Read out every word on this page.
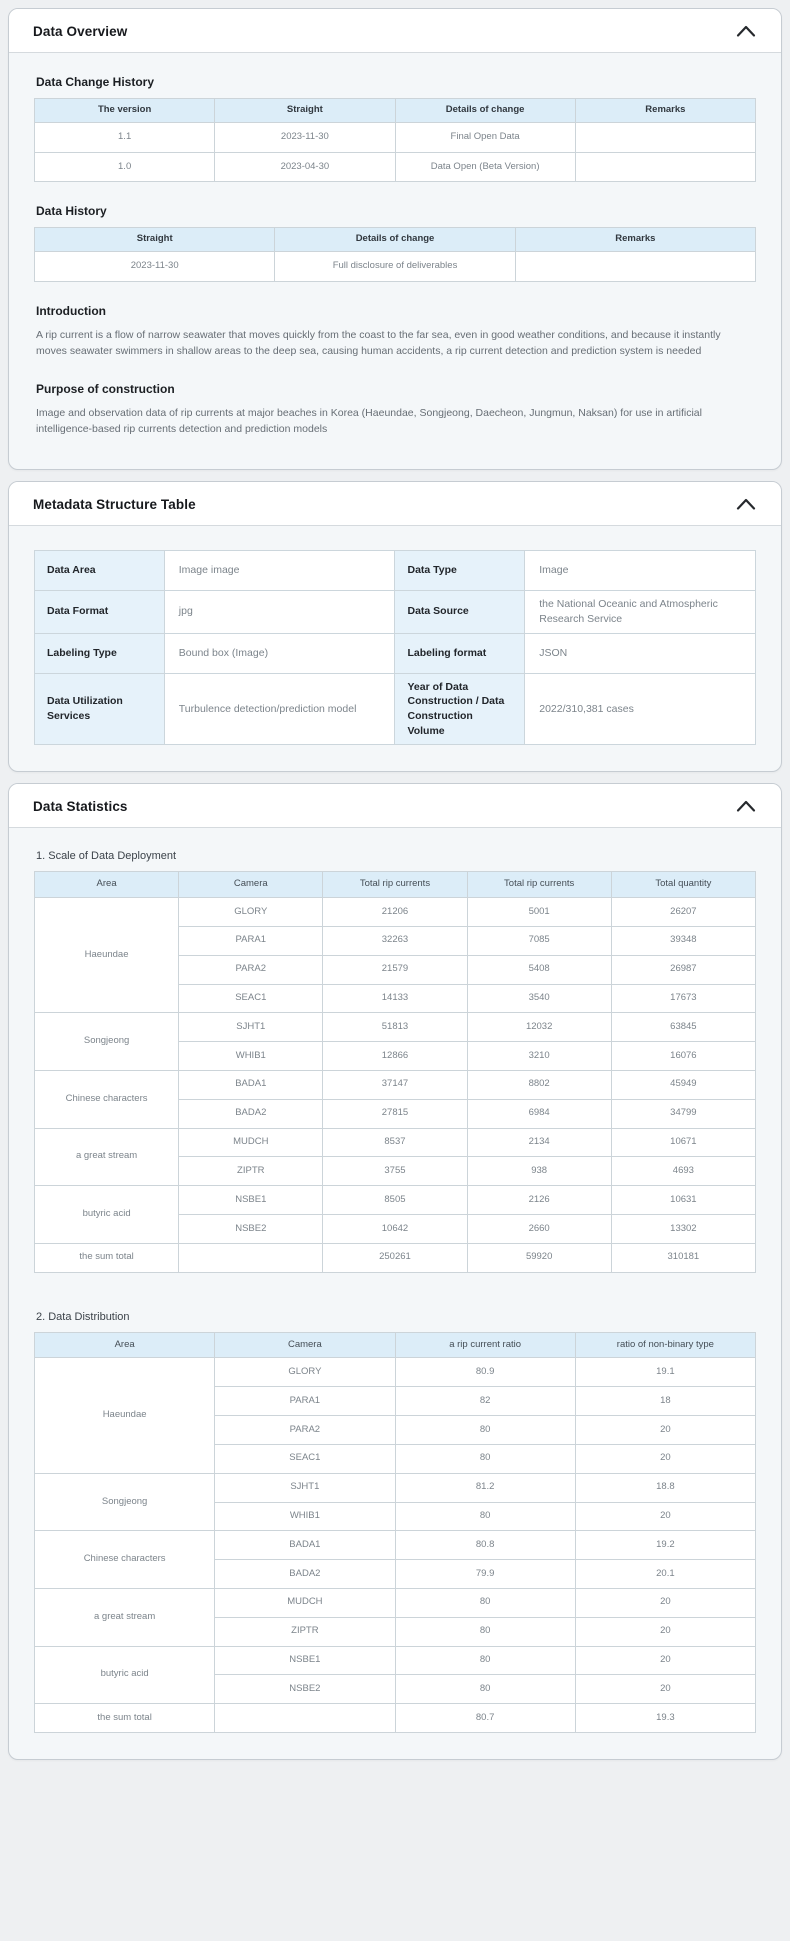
Data Overview
Data Change History
The version	Straight	Details of change	Remarks
1.1	2023-11-30	Final Open Data	
1.0	2023-04-30	Data Open (Beta Version)	
Data History
Straight	Details of change	Remarks
2023-11-30	Full disclosure of deliverables	
Introduction

A rip current is a flow of narrow seawater that moves quickly from the coast to the far sea, even in good weather conditions, and because it instantly moves seawater swimmers in shallow areas to the deep sea, causing human accidents, a rip current detection and prediction system is needed

Purpose of construction

Image and observation data of rip currents at major beaches in Korea (Haeundae, Songjeong, Daecheon, Jungmun, Naksan) for use in artificial intelligence-based rip currents detection and prediction models

Metadata Structure Table
Data Area	Image image	Data Type	Image
Data Format	jpg	Data Source	the National Oceanic and Atmospheric Research Service
Labeling Type	Bound box (Image)	Labeling format	JSON
Data Utilization Services	Turbulence detection/prediction model	Year of Data Construction / Data Construction Volume	2022/310,381 cases
Data Statistics
1. Scale of Data Deployment
Area	Camera	Total rip currents	Total rip currents	Total quantity
Haeundae	GLORY	21206	5001	26207
	PARA1	32263	7085	39348
	PARA2	21579	5408	26987
	SEAC1	14133	3540	17673
Songjeong	SJHT1	51813	12032	63845
	WHIB1	12866	3210	16076
Chinese characters	BADA1	37147	8802	45949
	BADA2	27815	6984	34799
a great stream	MUDCH	8537	2134	10671
	ZIPTR	3755	938	4693
butyric acid	NSBE1	8505	2126	10631
	NSBE2	10642	2660	13302
the sum total		250261	59920	310181
2. Data Distribution
Area	Camera	a rip current ratio	ratio of non-binary type
Haeundae	GLORY	80.9	19.1
	PARA1	82	18
	PARA2	80	20
	SEAC1	80	20
Songjeong	SJHT1	81.2	18.8
	WHIB1	80	20
Chinese characters	BADA1	80.8	19.2
	BADA2	79.9	20.1
a great stream	MUDCH	80	20
	ZIPTR	80	20
butyric acid	NSBE1	80	20
	NSBE2	80	20
the sum total		80.7	19.3
